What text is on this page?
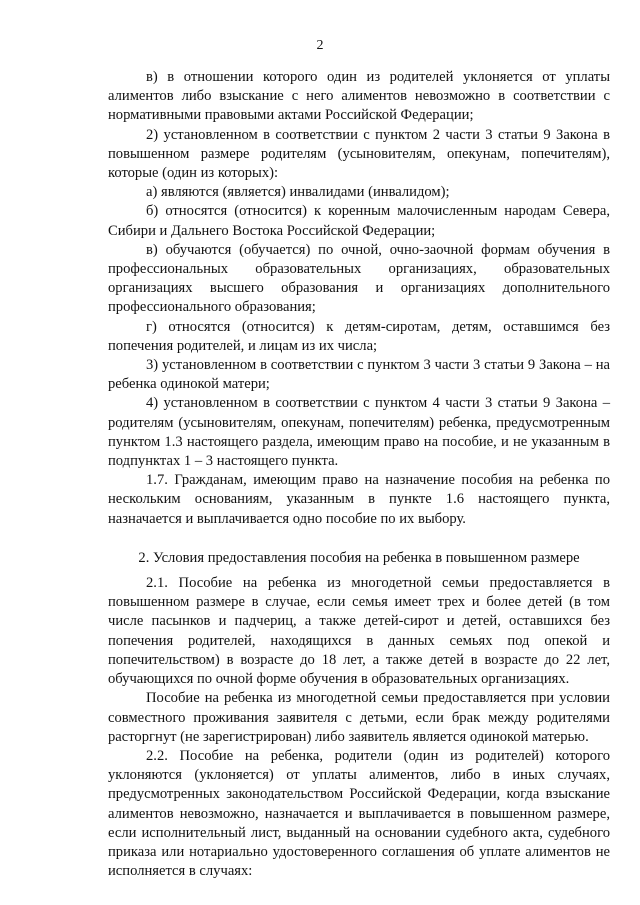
2

в) в отношении которого один из родителей уклоняется от уплаты алиментов либо взыскание с него алиментов невозможно в соответствии с нормативными правовыми актами Российской Федерации;

2) установленном в соответствии с пунктом 2 части 3 статьи 9 Закона в повышенном размере родителям (усыновителям, опекунам, попечителям), которые (один из которых):

а) являются (является) инвалидами (инвалидом);

б) относятся (относится) к коренным малочисленным народам Севера, Сибири и Дальнего Востока Российской Федерации;

в) обучаются (обучается) по очной, очно-заочной формам обучения в профессиональных образовательных организациях, образовательных организациях высшего образования и организациях дополнительного профессионального образования;

г) относятся (относится) к детям-сиротам, детям, оставшимся без попечения родителей, и лицам из их числа;

3) установленном в соответствии с пунктом 3 части 3 статьи 9 Закона – на ребенка одинокой матери;

4) установленном в соответствии с пунктом 4 части 3 статьи 9 Закона – родителям (усыновителям, опекунам, попечителям) ребенка, предусмотренным пунктом 1.3 настоящего раздела, имеющим право на пособие, и не указанным в подпунктах 1 – 3 настоящего пункта.

1.7. Гражданам, имеющим право на назначение пособия на ребенка по нескольким основаниям, указанным в пункте 1.6 настоящего пункта, назначается и выплачивается одно пособие по их выбору.

2. Условия предоставления пособия на ребенка в повышенном размере

2.1. Пособие на ребенка из многодетной семьи предоставляется в повышенном размере в случае, если семья имеет трех и более детей (в том числе пасынков и падчериц, а также детей-сирот и детей, оставшихся без попечения родителей, находящихся в данных семьях под опекой и попечительством) в возрасте до 18 лет, а также детей в возрасте до 22 лет, обучающихся по очной форме обучения в образовательных организациях.

Пособие на ребенка из многодетной семьи предоставляется при условии совместного проживания заявителя с детьми, если брак между родителями расторгнут (не зарегистрирован) либо заявитель является одинокой матерью.

2.2. Пособие на ребенка, родители (один из родителей) которого уклоняются (уклоняется) от уплаты алиментов, либо в иных случаях, предусмотренных законодательством Российской Федерации, когда взыскание алиментов невозможно, назначается и выплачивается в повышенном размере, если исполнительный лист, выданный на основании судебного акта, судебного приказа или нотариально удостоверенного соглашения об уплате алиментов не исполняется в случаях:
